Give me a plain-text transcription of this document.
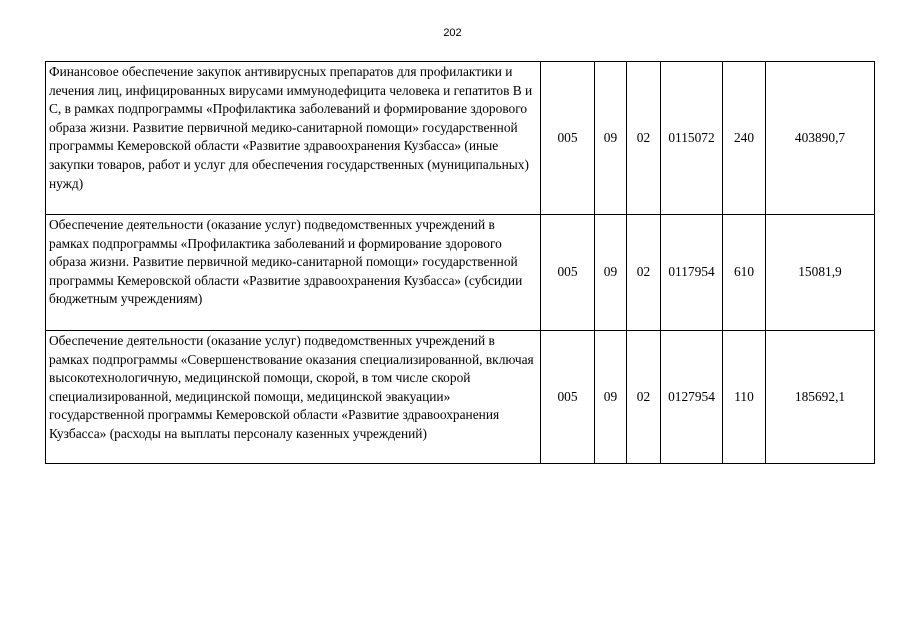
202
Финансовое обеспечение закупок антивирусных препаратов для профилактики и лечения лиц, инфицированных вирусами иммунодефицита человека и гепатитов В и С, в рамках подпрограммы «Профилактика заболеваний и формирование здорового образа жизни. Развитие первичной медико-санитарной помощи» государственной программы Кемеровской области «Развитие здравоохранения Кузбасса» (иные закупки товаров, работ и услуг для обеспечения государственных (муниципальных) нужд)	005	09	02	0115072	240	403890,7
Обеспечение деятельности (оказание услуг) подведомственных учреждений в рамках подпрограммы «Профилактика заболеваний и формирование здорового образа жизни. Развитие первичной медико-санитарной помощи» государственной программы Кемеровской области «Развитие здравоохранения Кузбасса» (субсидии бюджетным учреждениям)	005	09	02	0117954	610	15081,9
Обеспечение деятельности (оказание услуг) подведомственных учреждений в рамках подпрограммы «Совершенствование оказания специализированной, включая высокотехнологичную, медицинской помощи, скорой, в том числе скорой специализированной, медицинской помощи, медицинской эвакуации» государственной программы Кемеровской области «Развитие здравоохранения Кузбасса» (расходы на выплаты персоналу казенных учреждений)	005	09	02	0127954	110	185692,1
